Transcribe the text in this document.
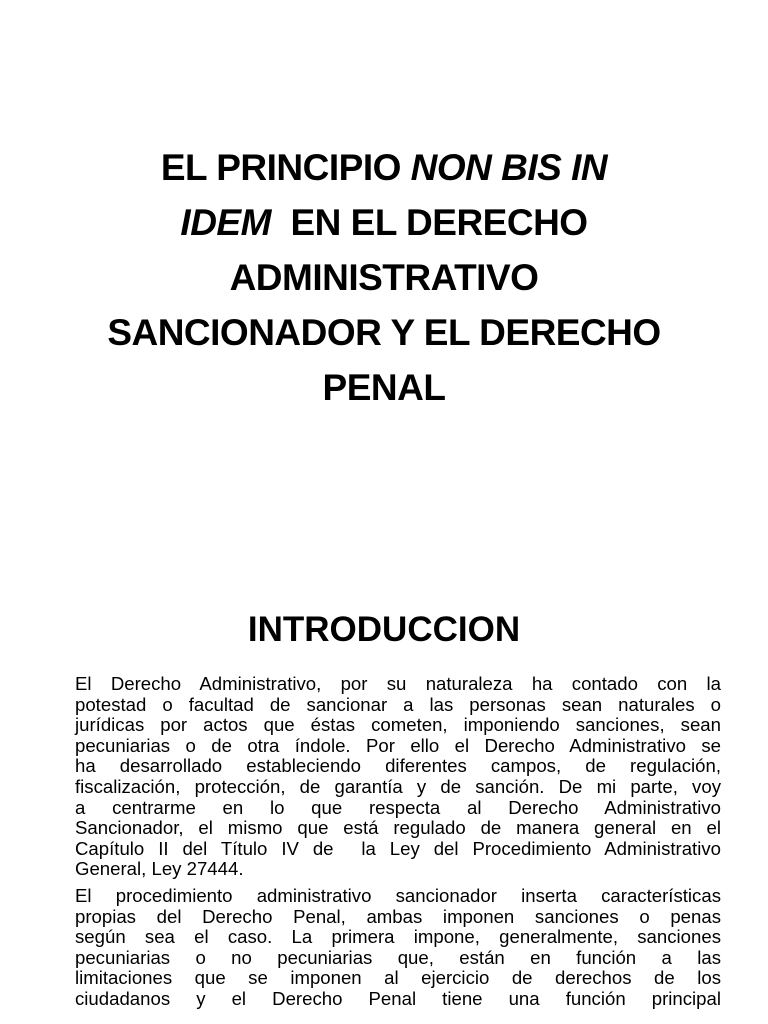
EL PRINCIPIO NON BIS IN
IDEM  EN EL DERECHO
ADMINISTRATIVO
SANCIONADOR Y EL DERECHO
PENAL
INTRODUCCION
El Derecho Administrativo, por su naturaleza ha contado con la
potestad o facultad de sancionar a las personas sean naturales o
jurídicas por actos que éstas cometen, imponiendo sanciones, sean
pecuniarias o de otra índole. Por ello el Derecho Administrativo se
ha desarrollado estableciendo diferentes campos, de regulación,
fiscalización, protección, de garantía y de sanción. De mi parte, voy
a centrarme en lo que respecta al Derecho Administrativo
Sancionador, el mismo que está regulado de manera general en el
Capítulo II del Título IV de  la Ley del Procedimiento Administrativo
General, Ley 27444.
El procedimiento administrativo sancionador inserta características
propias del Derecho Penal, ambas imponen sanciones o penas
según sea el caso. La primera impone, generalmente, sanciones
pecuniarias o no pecuniarias que, están en función a las
limitaciones que se imponen al ejercicio de derechos de los
ciudadanos y el Derecho Penal tiene una función principal
